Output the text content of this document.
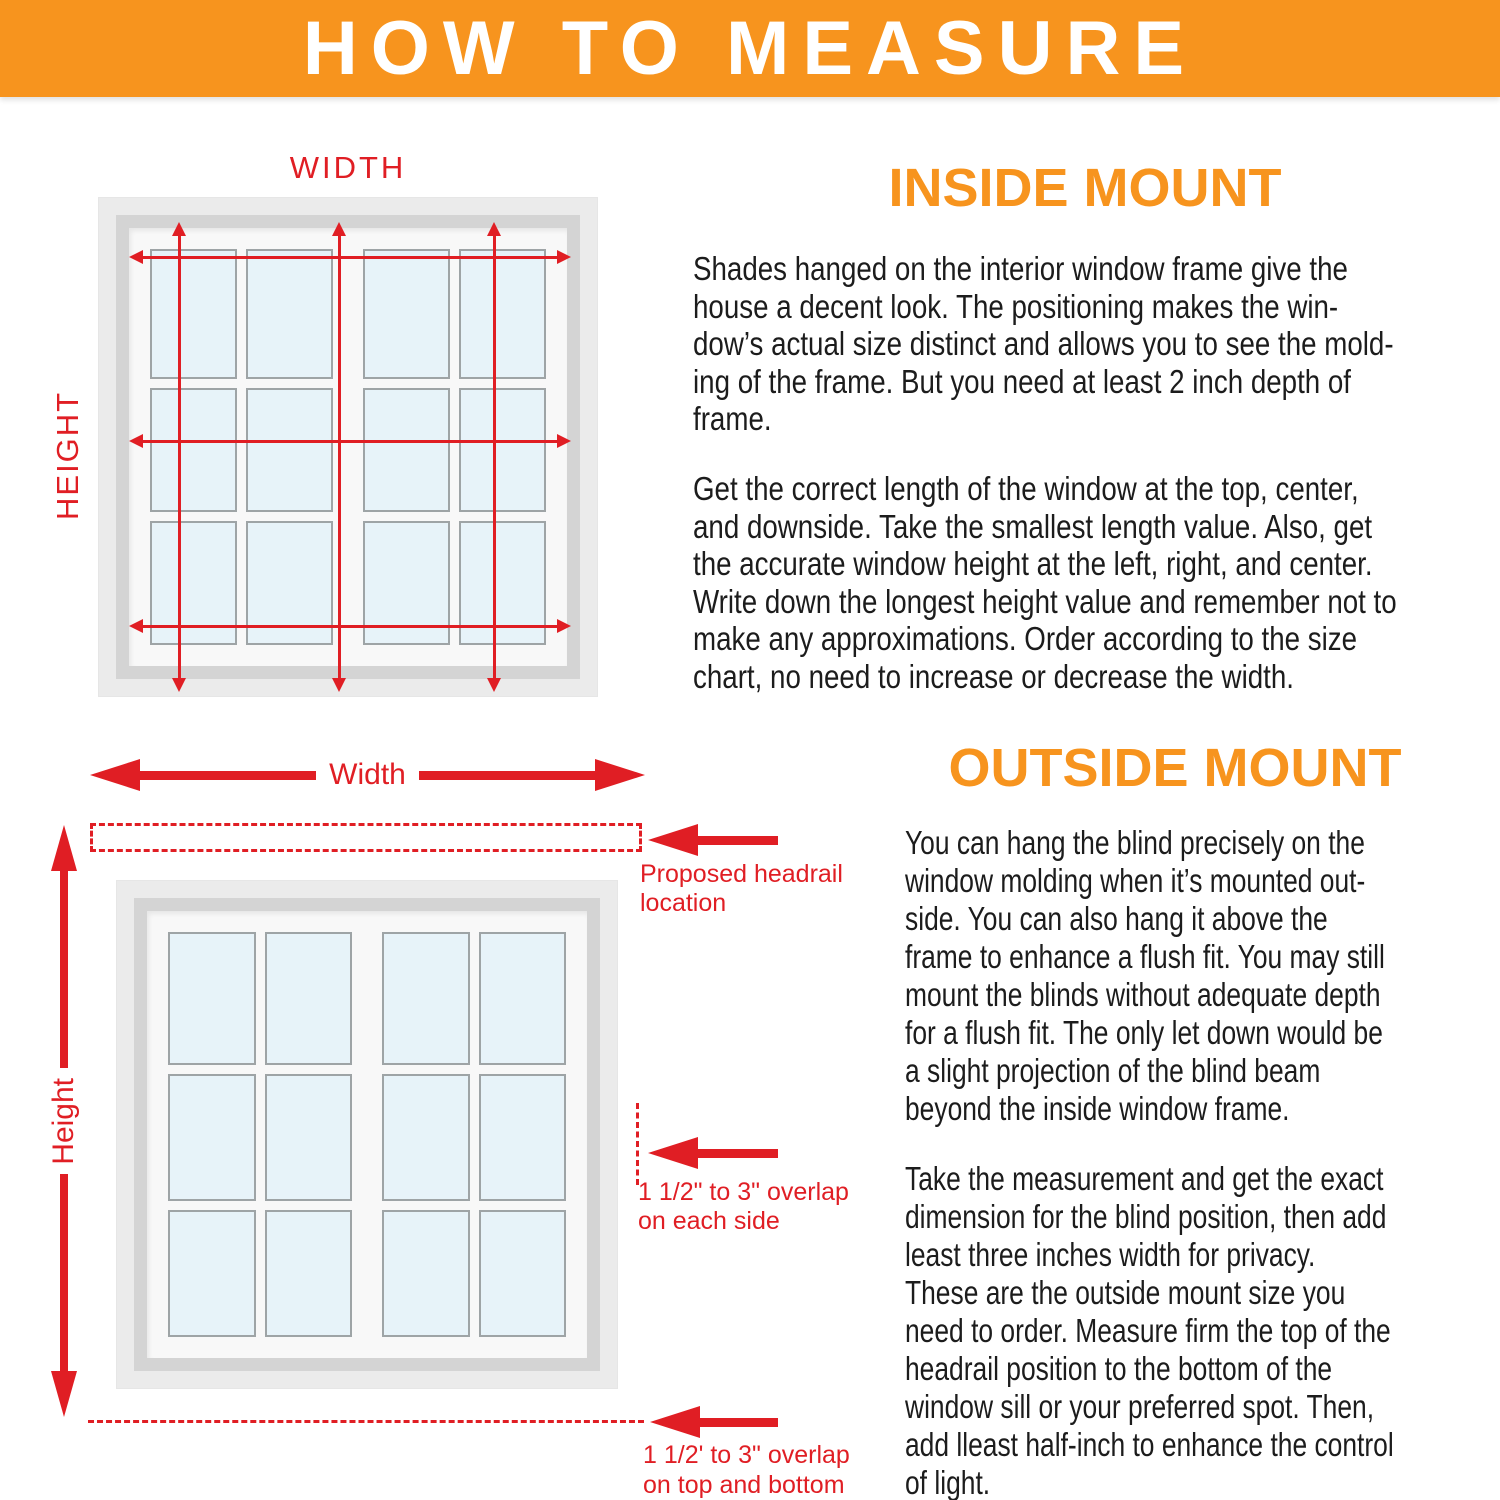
HOW TO MEASURE
WIDTH
HEIGHT
INSIDE MOUNT
Shades hanged on the interior window frame give the
house a decent look. The positioning makes the win-
dow’s actual size distinct and allows you to see the mold-
ing of the frame. But you need at least 2 inch depth of
frame.
Get the correct length of the window at the top, center,
and downside. Take the smallest length value. Also, get
the accurate window height at the left, right, and center.
Write down the longest height value and remember not to
make any approximations. Order according to the size
chart, no need to increase or decrease the width.
Width
Proposed headrail
location
Height
1 1/2" to 3" overlap
on each side
1 1/2' to 3" overlap
on top and bottom
OUTSIDE MOUNT
You can hang the blind precisely on the
window molding when it’s mounted out-
side. You can also hang it above the
frame to enhance a flush fit. You may still
mount the blinds without adequate depth
for a flush fit. The only let down would be
a slight projection of the blind beam
beyond the inside window frame.
Take the measurement and get the exact
dimension for the blind position, then add
least three inches width for privacy.
These are the outside mount size you
need to order. Measure firm the top of the
headrail position to the bottom of the
window sill or your preferred spot. Then,
add lleast half-inch to enhance the control
of light.
